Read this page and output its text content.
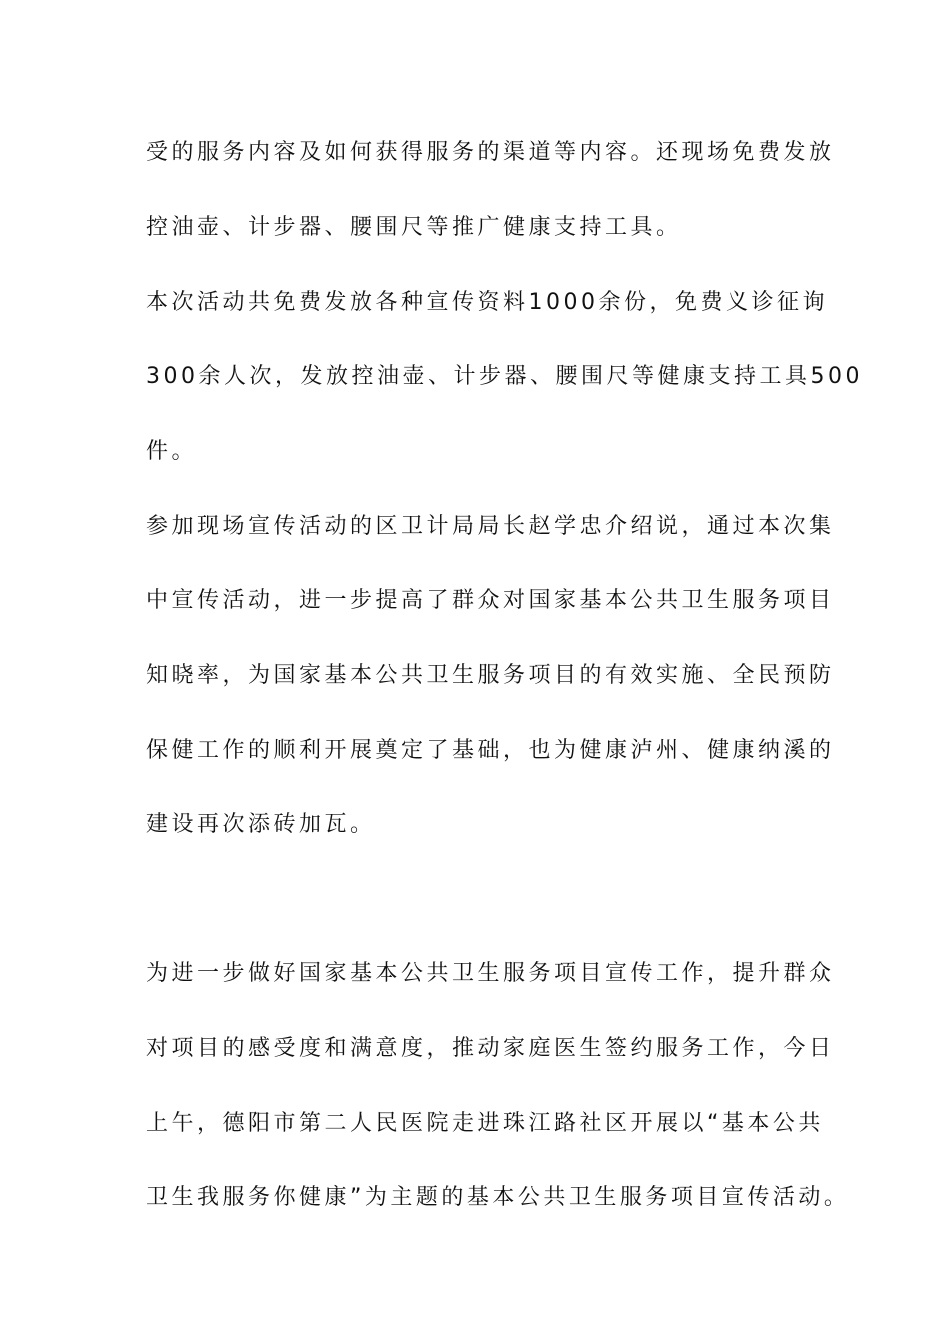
受的服务内容及如何获得服务的渠道等内容。还现场免费发放
控油壶、计步器、腰围尺等推广健康支持工具。
本次活动共免费发放各种宣传资料1000余份，免费义诊征询
300余人次，发放控油壶、计步器、腰围尺等健康支持工具500
件。
参加现场宣传活动的区卫计局局长赵学忠介绍说，通过本次集
中宣传活动，进一步提高了群众对国家基本公共卫生服务项目
知晓率，为国家基本公共卫生服务项目的有效实施、全民预防
保健工作的顺利开展奠定了基础，也为健康泸州、健康纳溪的
建设再次添砖加瓦。
为进一步做好国家基本公共卫生服务项目宣传工作，提升群众
对项目的感受度和满意度，推动家庭医生签约服务工作，今日
上午，德阳市第二人民医院走进珠江路社区开展以“基本公共
卫生我服务你健康”为主题的基本公共卫生服务项目宣传活动。
